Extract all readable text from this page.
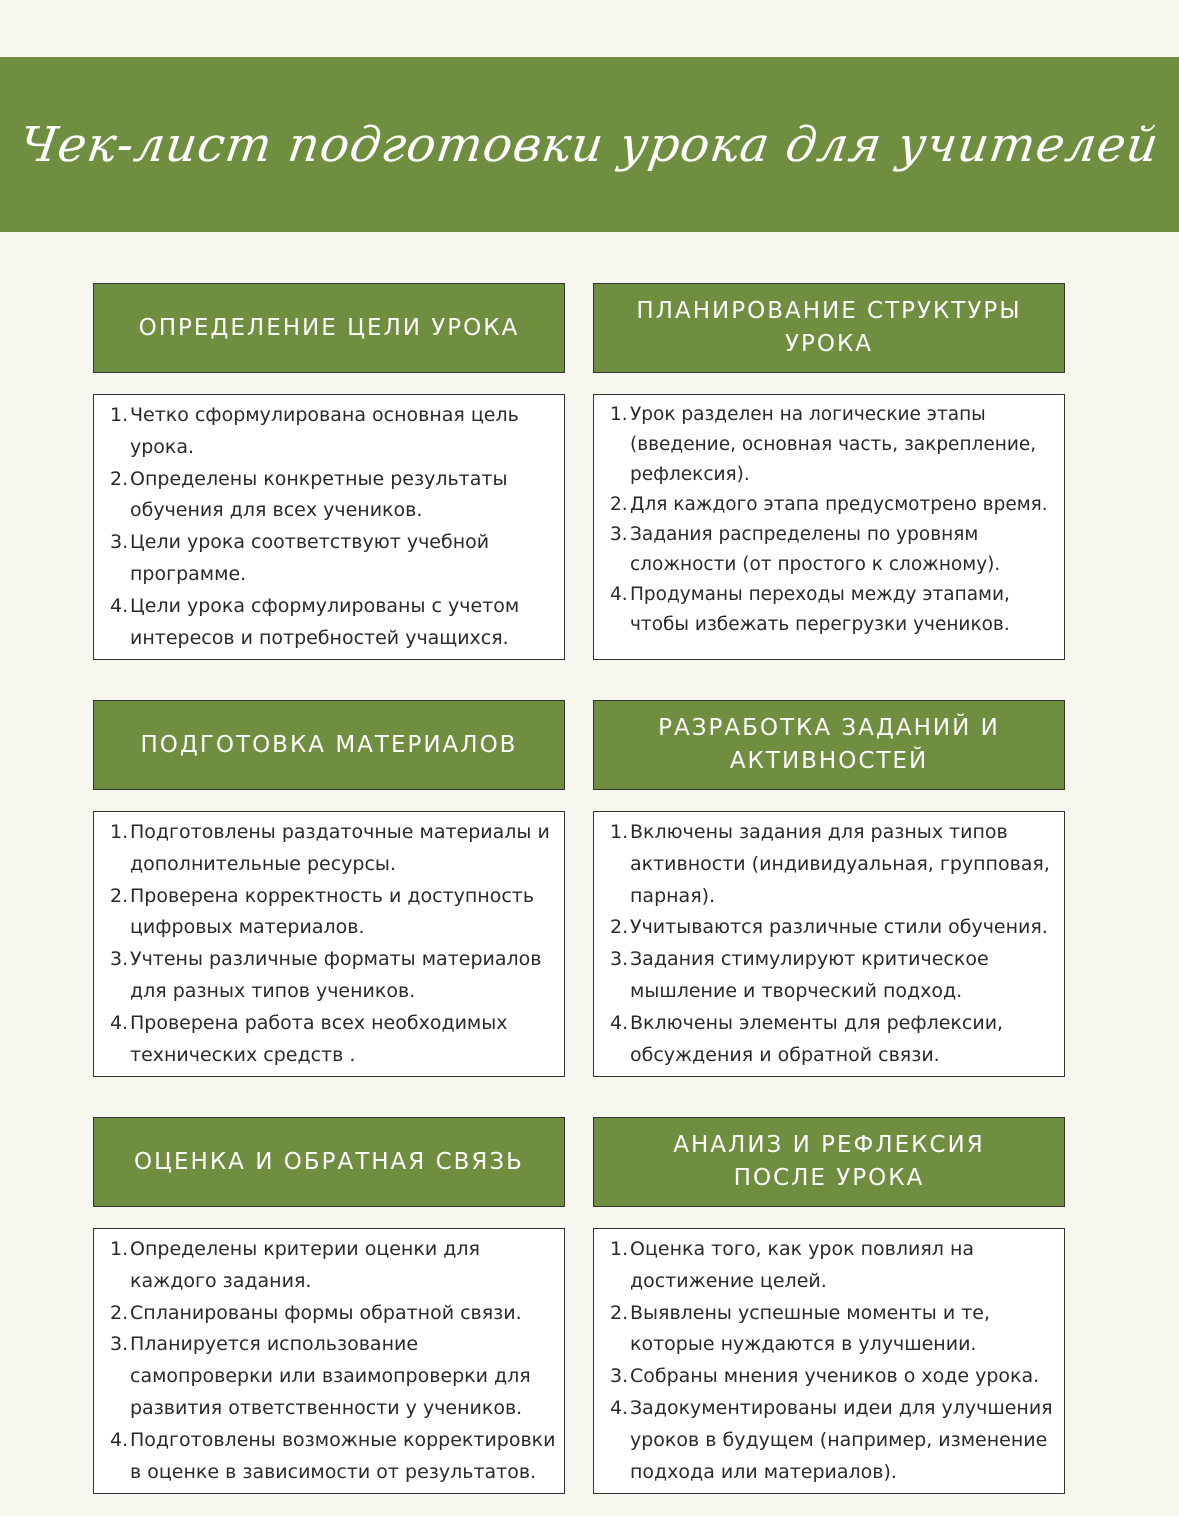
Чек-лист подготовки урока для учителей
ОПРЕДЕЛЕНИЕ ЦЕЛИ УРОКА
1. Четко сформулирована основная цель урока.
2. Определены конкретные результаты обучения для всех учеников.
3. Цели урока соответствуют учебной программе.
4. Цели урока сформулированы с учетом интересов и потребностей учащихся.
ПЛАНИРОВАНИЕ СТРУКТУРЫ УРОКА
1. Урок разделен на логические этапы (введение, основная часть, закрепление, рефлексия).
2. Для каждого этапа предусмотрено время.
3. Задания распределены по уровням сложности (от простого к сложному).
4. Продуманы переходы между этапами, чтобы избежать перегрузки учеников.
ПОДГОТОВКА МАТЕРИАЛОВ
1. Подготовлены раздаточные материалы и дополнительные ресурсы.
2. Проверена корректность и доступность цифровых материалов.
3. Учтены различные форматы материалов для разных типов учеников.
4. Проверена работа всех необходимых технических средств .
РАЗРАБОТКА ЗАДАНИЙ И АКТИВНОСТЕЙ
1. Включены задания для разных типов активности (индивидуальная, групповая, парная).
2. Учитываются различные стили обучения.
3. Задания стимулируют критическое мышление и творческий подход.
4. Включены элементы для рефлексии, обсуждения и обратной связи.
ОЦЕНКА И ОБРАТНАЯ СВЯЗЬ
1. Определены критерии оценки для каждого задания.
2. Спланированы формы обратной связи.
3. Планируется использование самопроверки или взаимопроверки для развития ответственности у учеников.
4. Подготовлены возможные корректировки в оценке в зависимости от результатов.
АНАЛИЗ И РЕФЛЕКСИЯ ПОСЛЕ УРОКА
1. Оценка того, как урок повлиял на достижение целей.
2. Выявлены успешные моменты и те, которые нуждаются в улучшении.
3. Собраны мнения учеников о ходе урока.
4. Задокументированы идеи для улучшения уроков в будущем (например, изменение подхода или материалов).
